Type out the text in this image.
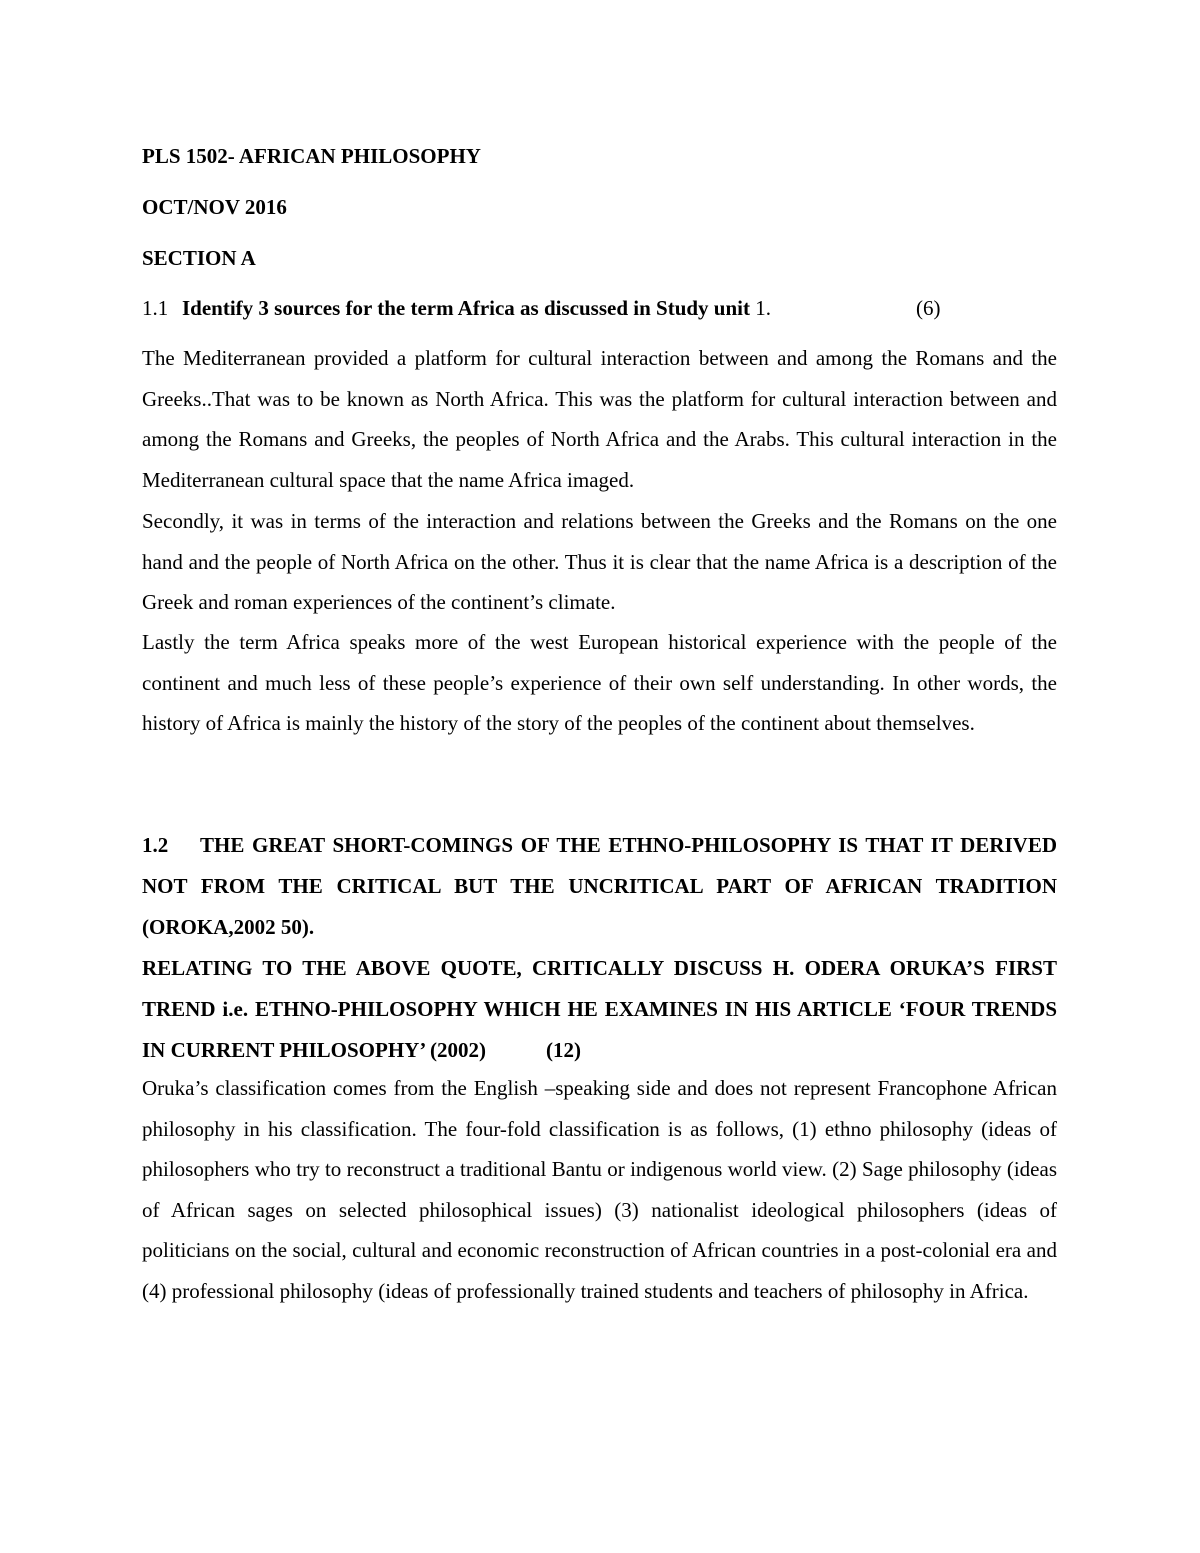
PLS 1502- AFRICAN PHILOSOPHY
OCT/NOV 2016
SECTION A
1.1 Identify 3 sources for the term Africa as discussed in Study unit 1.	(6)

The Mediterranean provided a platform for cultural interaction between and among the Romans and the Greeks..That was to be known as North Africa. This was the platform for cultural interaction between and among the Romans and Greeks, the peoples of North Africa and the Arabs. This cultural interaction in the Mediterranean cultural space that the name Africa imaged.

Secondly, it was in terms of the interaction and relations between the Greeks and the Romans on the one hand and the people of North Africa on the other. Thus it is clear that the name Africa is a description of the Greek and roman experiences of the continent’s climate.

Lastly the term Africa speaks more of the west European historical experience with the people of the continent and much less of these people’s experience of their own self understanding. In other words, the history of Africa is mainly the history of the story of the peoples of the continent about themselves.

1.2 THE GREAT SHORT-COMINGS OF THE ETHNO-PHILOSOPHY IS THAT IT DERIVED NOT FROM THE CRITICAL BUT THE UNCRITICAL PART OF AFRICAN TRADITION (OROKA,2002 50).

RELATING TO THE ABOVE QUOTE, CRITICALLY DISCUSS H. ODERA ORUKA’S FIRST TREND i.e. ETHNO-PHILOSOPHY WHICH HE EXAMINES IN HIS ARTICLE ‘FOUR TRENDS IN CURRENT PHILOSOPHY’ (2002)	(12)

Oruka’s classification comes from the English –speaking side and does not represent Francophone African philosophy in his classification. The four-fold classification is as follows, (1) ethno philosophy (ideas of philosophers who try to reconstruct a traditional Bantu or indigenous world view. (2) Sage philosophy (ideas of African sages on selected philosophical issues) (3) nationalist ideological philosophers (ideas of politicians on the social, cultural and economic reconstruction of African countries in a post-colonial era and (4) professional philosophy (ideas of professionally trained students and teachers of philosophy in Africa.
